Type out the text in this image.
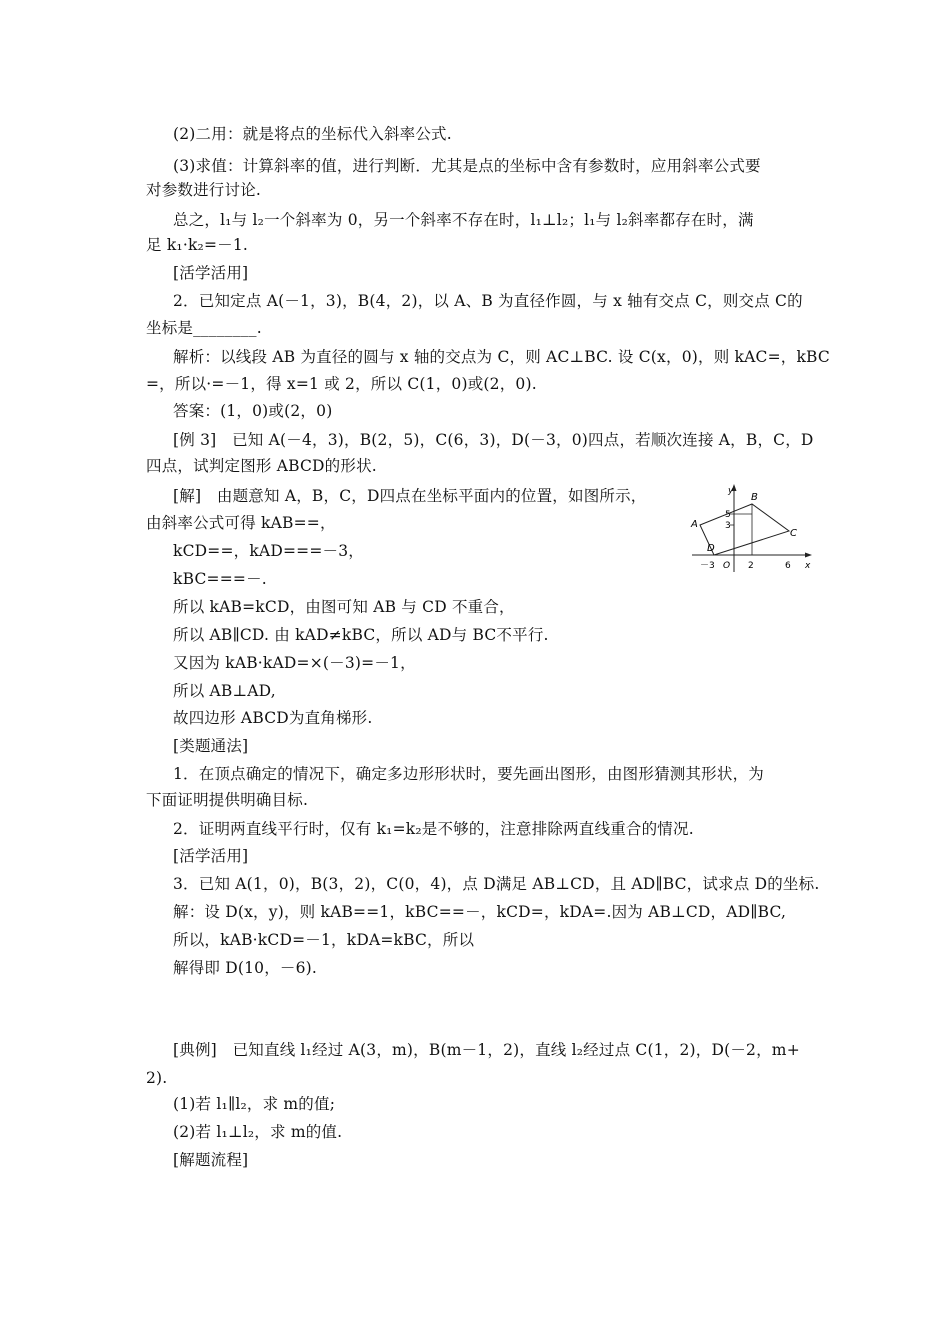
(2)二用：就是将点的坐标代入斜率公式.
(3)求值：计算斜率的值，进行判断．尤其是点的坐标中含有参数时，应用斜率公式要
对参数进行讨论.
总之，l₁与 l₂一个斜率为 0，另一个斜率不存在时，l₁⊥l₂；l₁与 l₂斜率都存在时，满
足 k₁·k₂=－1.
[活学活用]
2．已知定点 A(－1，3)，B(4，2)，以 A、B 为直径作圆，与 x 轴有交点 C，则交点 C的
坐标是________.
解析：以线段 AB 为直径的圆与 x 轴的交点为 C，则 AC⊥BC. 设 C(x，0)，则 kAC=，kBC
=，所以·=－1，得 x=1 或 2，所以 C(1，0)或(2，0).
答案：(1，0)或(2，0)
[例 3]　已知 A(－4，3)，B(2，5)，C(6，3)，D(－3，0)四点，若顺次连接 A，B，C，D
四点，试判定图形 ABCD的形状.
[解]　由题意知 A，B，C，D四点在坐标平面内的位置，如图所示，
由斜率公式可得 kAB==，
kCD==，kAD===－3，
kBC===－.
所以 kAB=kCD，由图可知 AB 与 CD 不重合，
所以 AB∥CD. 由 kAD≠kBC，所以 AD与 BC不平行.
又因为 kAB·kAD=×(－3)=－1，
所以 AB⊥AD,
故四边形 ABCD为直角梯形.
[类题通法]
1．在顶点确定的情况下，确定多边形形状时，要先画出图形，由图形猜测其形状，为
下面证明提供明确目标.
2．证明两直线平行时，仅有 k₁=k₂是不够的，注意排除两直线重合的情况.
[活学活用]
3．已知 A(1，0)，B(3，2)，C(0，4)，点 D满足 AB⊥CD，且 AD∥BC，试求点 D的坐标.
解：设 D(x，y)，则 kAB==1，kBC==－，kCD=，kDA=.因为 AB⊥CD，AD∥BC,
所以，kAB·kCD=－1，kDA=kBC，所以
解得即 D(10，－6).
[典例]　已知直线 l₁经过 A(3，m)，B(m－1，2)，直线 l₂经过点 C(1，2)，D(－2，m+
2).
(1)若 l₁∥l₂，求 m的值;
(2)若 l₁⊥l₂，求 m的值.
[解题流程]
y
x
O
A
B
C
D
－3	2	6
5
3
